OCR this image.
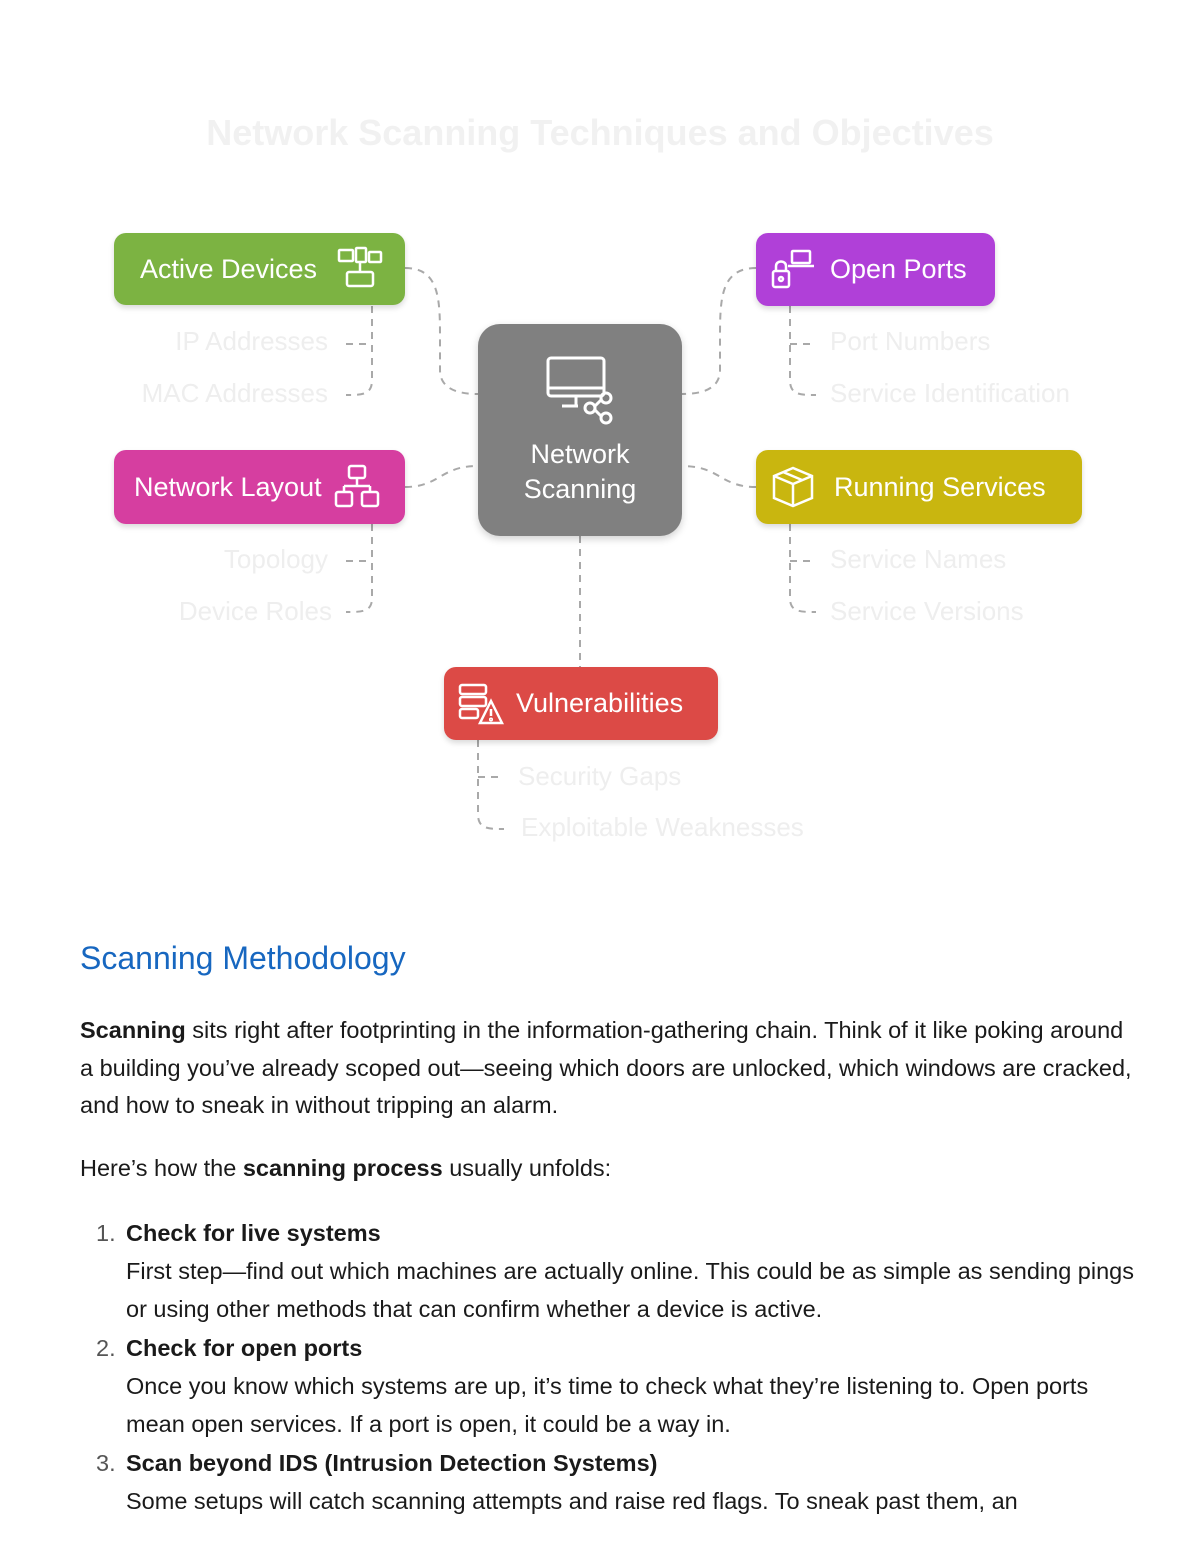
Network Scanning Techniques and Objectives
Network Scanning
Active Devices
IP Addresses
MAC Addresses
Network Layout
Topology
Device Roles
Open Ports
Port Numbers
Service Identification
Running Services
Service Names
Service Versions
Vulnerabilities
Security Gaps
Exploitable Weaknesses
Scanning Methodology

Scanning sits right after footprinting in the information-gathering chain. Think of it like poking around a building you’ve already scoped out—seeing which doors are unlocked, which windows are cracked, and how to sneak in without tripping an alarm.

Here’s how the scanning process usually unfolds:

1. Check for live systems
First step—find out which machines are actually online. This could be as simple as sending pings or using other methods that can confirm whether a device is active.
2. Check for open ports
Once you know which systems are up, it’s time to check what they’re listening to. Open ports mean open services. If a port is open, it could be a way in.
3. Scan beyond IDS (Intrusion Detection Systems)
Some setups will catch scanning attempts and raise red flags. To sneak past them, an
